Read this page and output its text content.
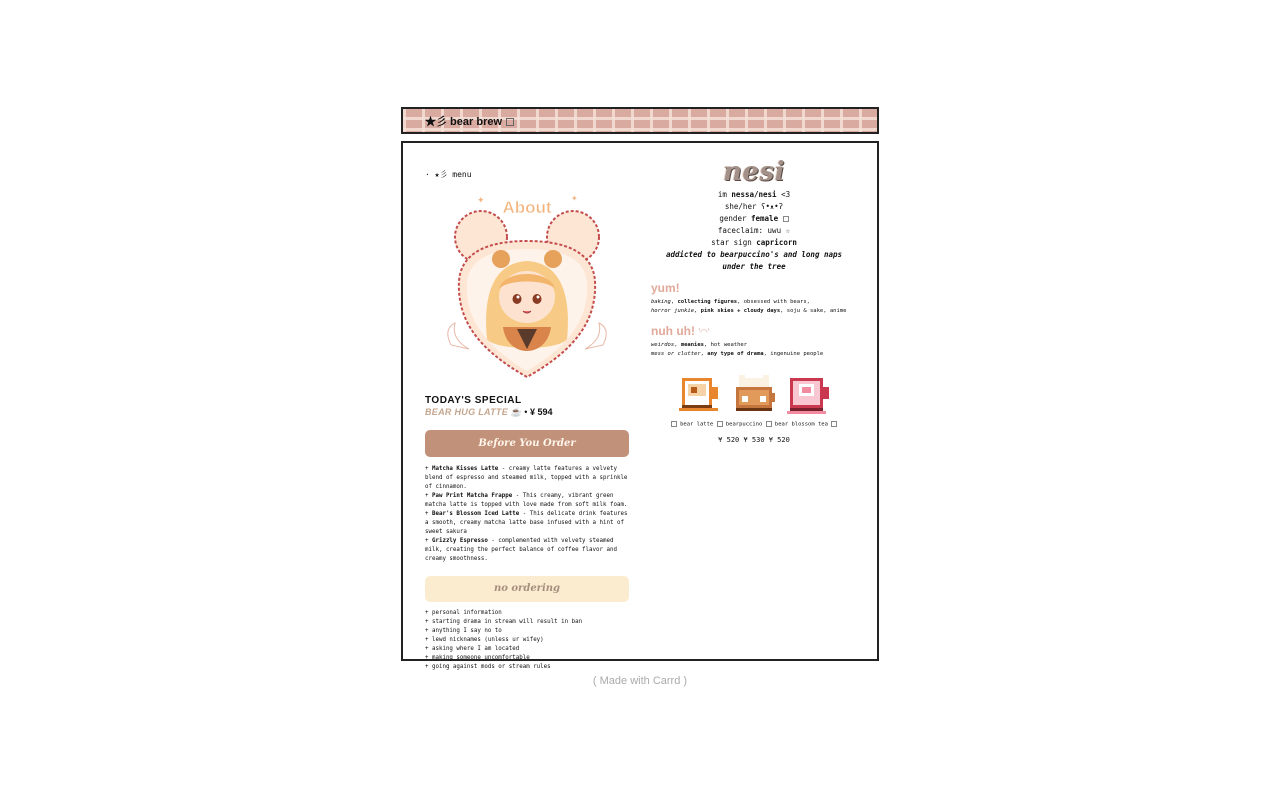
★彡 bear brew
· ★彡 menu
About
✦	✦
TODAY'S SPECIAL
BEAR HUG LATTE ☕ • ¥ 594
Before You Order
+ Matcha Kisses Latte - creamy latte features a velvety blend of espresso and steamed milk, topped with a sprinkle of cinnamon.
+ Paw Print Matcha Frappe - This creamy, vibrant green matcha latte is topped with love made from soft milk foam.
+ Bear's Blossom Iced Latte - This delicate drink features a smooth, creamy matcha latte base infused with a hint of sweet sakura
+ Grizzly Espresso - complemented with velvety steamed milk, creating the perfect balance of coffee flavor and creamy smoothness.
no ordering
+ personal information
+ starting drama in stream will result in ban
+ anything I say no to
+ lewd nicknames (unless ur wifey)
+ asking where I am located
+ making someone uncomfortable
+ going against mods or stream rules
nesi
im nessa/nesi <3
she/her ʕ•ᴥ•ʔ
gender female
faceclaim: uwu ☆
star sign capricorn
addicted to bearpuccino's and long naps under the tree
yum!
baking, collecting figures, obsessed with bears,
horror junkie, pink skies + cloudy days, soju & sake, anime
nuh uh! '◠'
weirdos, meanies, hot weather
mess or clutter, any type of drama, ingenuine people
bear latte bearpuccino bear blossom tea
¥ 520 ¥ 530 ¥ 520
( Made with Carrd )
